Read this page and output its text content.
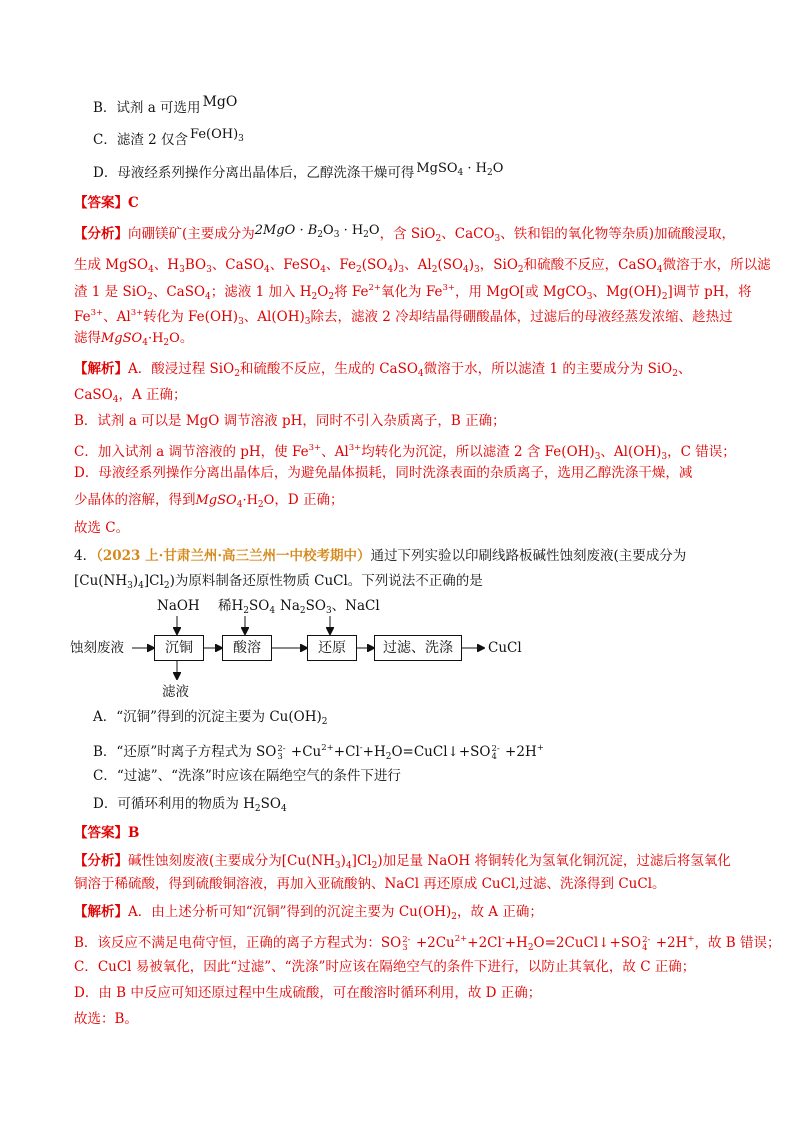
B．试剂 a 可选用 MgO
C．滤渣 2 仅含 $Fe(OH)_3$
D．母液经系列操作分离出晶体后，乙醇洗涤干燥可得 MgSO$_4$ · $H_2O$
【答案】C
【分析】向硼镁矿(主要成分为$2MgO \cdot B_2O_3 \cdot H_2O$，含 SiO$_2$、CaCO$_3$、铁和铝的氧化物等杂质)加硫酸浸取，
生成 MgSO$_4$、$H_3BO_3$、CaSO$_4$、FeSO$_4$、$Fe_2(SO_4)_3$、$Al_2(SO_4)_3$，SiO$_2$和硫酸不反应，CaSO$_4$微溶于水，所以滤
渣 1 是 SiO$_2$、CaSO$_4$；滤液 1 加入 $H_2O_2$将 $Fe^{2+}$氧化为 $Fe^{3+}$，用 MgO[或 MgCO$_3$、$Mg(OH)_2$]调节 pH，将
$Fe^{3+}$、$Al^{3+}$转化为 $Fe(OH)_3$、$Al(OH)_3$除去，滤液 2 冷却结晶得硼酸晶体，过滤后的母液经蒸发浓缩、趁热过
滤得$MgSO_4\cdot H_2O$。
【解析】A．酸浸过程 SiO$_2$和硫酸不反应，生成的 CaSO$_4$微溶于水，所以滤渣 1 的主要成分为 SiO$_2$、
CaSO$_4$，A 正确；
B．试剂 a 可以是 MgO 调节溶液 pH，同时不引入杂质离子，B 正确；
C．加入试剂 a 调节溶液的 pH，使 $Fe^{3+}$、$Al^{3+}$均转化为沉淀，所以滤渣 2 含 $Fe(OH)_3$、$Al(OH)_3$，C 错误；
D．母液经系列操作分离出晶体后，为避免晶体损耗，同时洗涤表面的杂质离子，选用乙醇洗涤干燥，减
少晶体的溶解，得到$MgSO_4\cdot H_2O$，D 正确；
故选 C。
4．（2023 上·甘肃兰州·高三兰州一中校考期中）通过下列实验以印刷线路板碱性蚀刻废液(主要成分为
$[Cu(NH_3)_4]Cl_2$)为原料制备还原性物质 CuCl。下列说法不正确的是
蚀刻废液	沉铜	酸溶	还原	过滤、洗涤	CuCl
NaOH 稀$H_2SO_4$ $Na_2SO_3$、NaCl
滤液
A．“沉铜”得到的沉淀主要为 $Cu(OH)_2$
B．“还原”时离子方程式为 SO 2-
$3 +Cu^{2+}+Cl^-+H_2O=CuCl↓+SO$ 2-
4 +2H+
C．“过滤”、“洗涤”时应该在隔绝空气的条件下进行
D．可循环利用的物质为 $H_2SO_4$
【答案】B
【分析】碱性蚀刻废液(主要成分为$[Cu(NH_3)_4]Cl_2$)加足量 NaOH 将铜转化为氢氧化铜沉淀，过滤后将氢氧化
铜溶于稀硫酸，得到硫酸铜溶液，再加入亚硫酸钠、NaCl 再还原成 CuCl,过滤、洗涤得到 CuCl。
【解析】A．由上述分析可知“沉铜”得到的沉淀主要为 $Cu(OH)_2$，故 A 正确；
B．该反应不满足电荷守恒，正确的离子方程式为：SO 2-
$3 +2Cu^{2+}+2Cl^-+H_2O=2CuCl↓+SO$ 2-
4 +2H+，故 B 错误；
C．CuCl 易被氧化，因此“过滤”、“洗涤”时应该在隔绝空气的条件下进行，以防止其氧化，故 C 正确；
D．由 B 中反应可知还原过程中生成硫酸，可在酸溶时循环利用，故 D 正确；
故选：B。
